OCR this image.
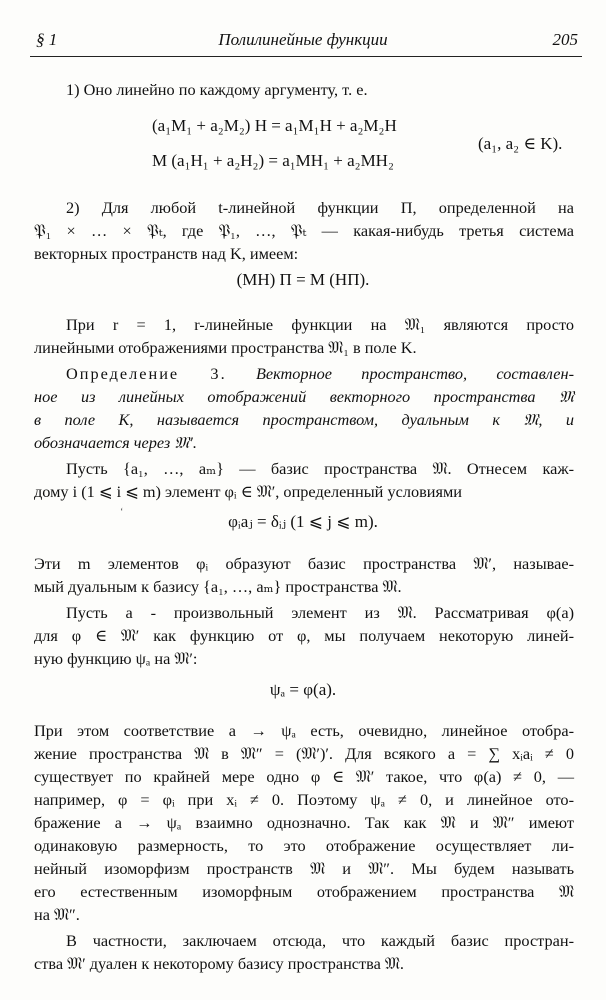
§ 1	Полилинейные функции	205
1) Оно линейно по каждому аргументу, т. е.
(a₁M₁ + a₂M₂) H = a₁M₁H + a₂M₂H
M (a₁H₁ + a₂H₂) = a₁MH₁ + a₂MH₂
(a₁, a₂ ∈ K).
2) Для любой t-линейной функции П, определенной на
𝔓₁ × … × 𝔓ₜ, где 𝔓₁, …, 𝔓ₜ — какая-нибудь третья система
векторных пространств над K, имеем:
(MH) П = M (HП).
При r = 1, r-линейные функции на 𝔐₁ являются просто
линейными отображениями пространства 𝔐₁ в поле K.
Определение 3. Векторное пространство, составлен-
ное из линейных отображений векторного пространства 𝔐
в поле K, называется пространством, дуальным к 𝔐, и
обозначается через 𝔐′.
Пусть {a₁, …, aₘ} — базис пространства 𝔐. Отнесем каж-
дому i (1 ⩽ i ⩽ m) элемент φᵢ ∈ 𝔐′, определенный условиями
φᵢaⱼ = δᵢⱼ (1 ⩽ j ⩽ m).
Эти m элементов φᵢ образуют базис пространства 𝔐′, называе-
мый дуальным к базису {a₁, …, aₘ} пространства 𝔐.
Пусть a - произвольный элемент из 𝔐. Рассматривая φ(a)
для φ ∈ 𝔐′ как функцию от φ, мы получаем некоторую линей-
ную функцию ψₐ на 𝔐′:
ψₐ = φ(a).
При этом соответствие a → ψₐ есть, очевидно, линейное отобра-
жение пространства 𝔐 в 𝔐″ = (𝔐′)′. Для всякого a = ∑ xᵢaᵢ ≠ 0
существует по крайней мере одно φ ∈ 𝔐′ такое, что φ(a) ≠ 0, —
например, φ = φᵢ при xᵢ ≠ 0. Поэтому ψₐ ≠ 0, и линейное ото-
бражение a → ψₐ взаимно однозначно. Так как 𝔐 и 𝔐″ имеют
одинаковую размерность, то это отображение осуществляет ли-
нейный изоморфизм пространств 𝔐 и 𝔐″. Мы будем называть
его естественным изоморфным отображением пространства 𝔐
на 𝔐″.
В частности, заключаем отсюда, что каждый базис простран-
ства 𝔐′ дуален к некоторому базису пространства 𝔐.
ʻ
